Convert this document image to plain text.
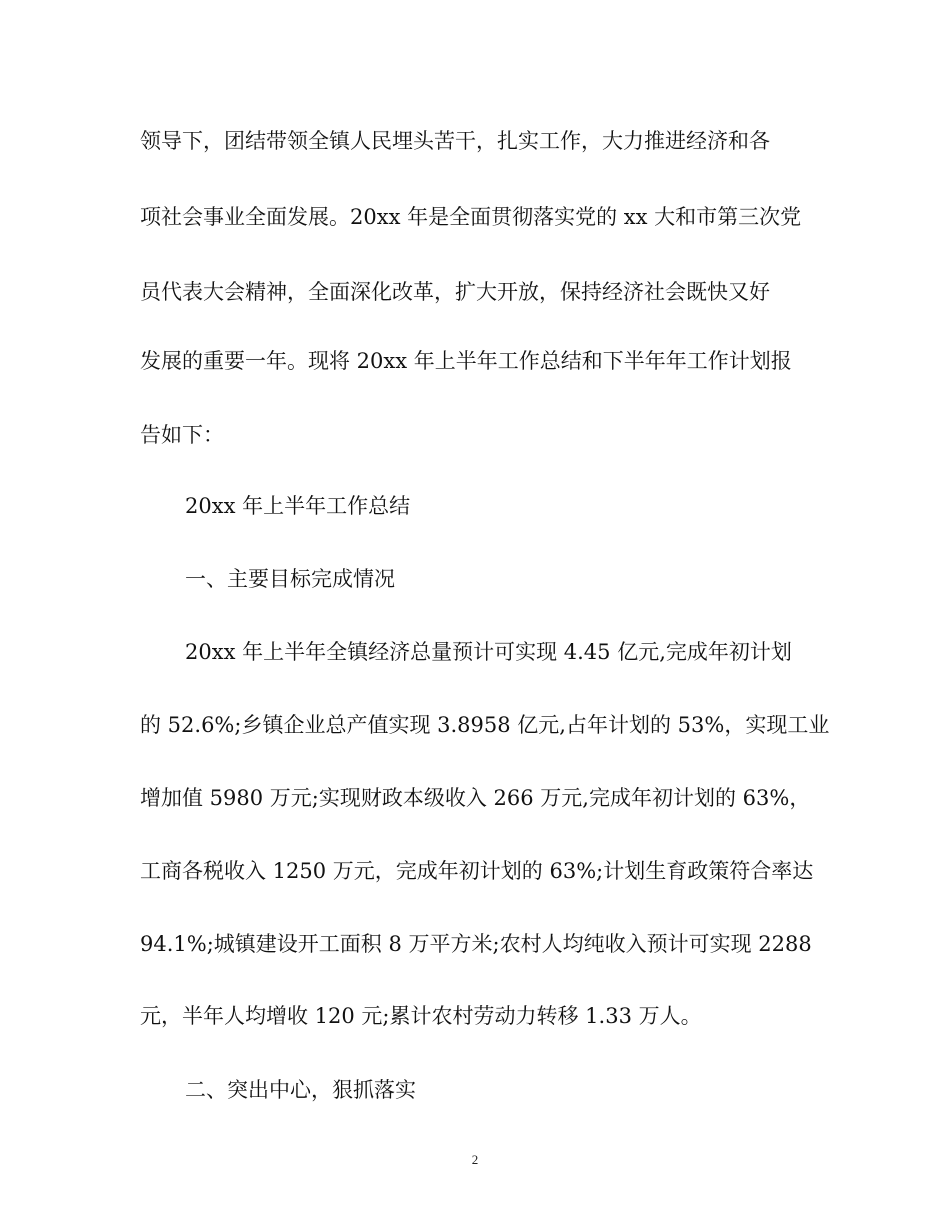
领导下，团结带领全镇人民埋头苦干，扎实工作，大力推进经济和各
项社会事业全面发展。20xx 年是全面贯彻落实党的 xx 大和市第三次党
员代表大会精神，全面深化改革，扩大开放，保持经济社会既快又好
发展的重要一年。现将 20xx 年上半年工作总结和下半年年工作计划报
告如下：
20xx 年上半年工作总结
一、主要目标完成情况
20xx 年上半年全镇经济总量预计可实现 4.45 亿元,完成年初计划
的 52.6%;乡镇企业总产值实现 3.8958 亿元,占年计划的 53%，实现工业
增加值 5980 万元;实现财政本级收入 266 万元,完成年初计划的 63%，
工商各税收入 1250 万元，完成年初计划的 63%;计划生育政策符合率达
94.1%;城镇建设开工面积 8 万平方米;农村人均纯收入预计可实现 2288
元，半年人均增收 120 元;累计农村劳动力转移 1.33 万人。
二、突出中心，狠抓落实
2
